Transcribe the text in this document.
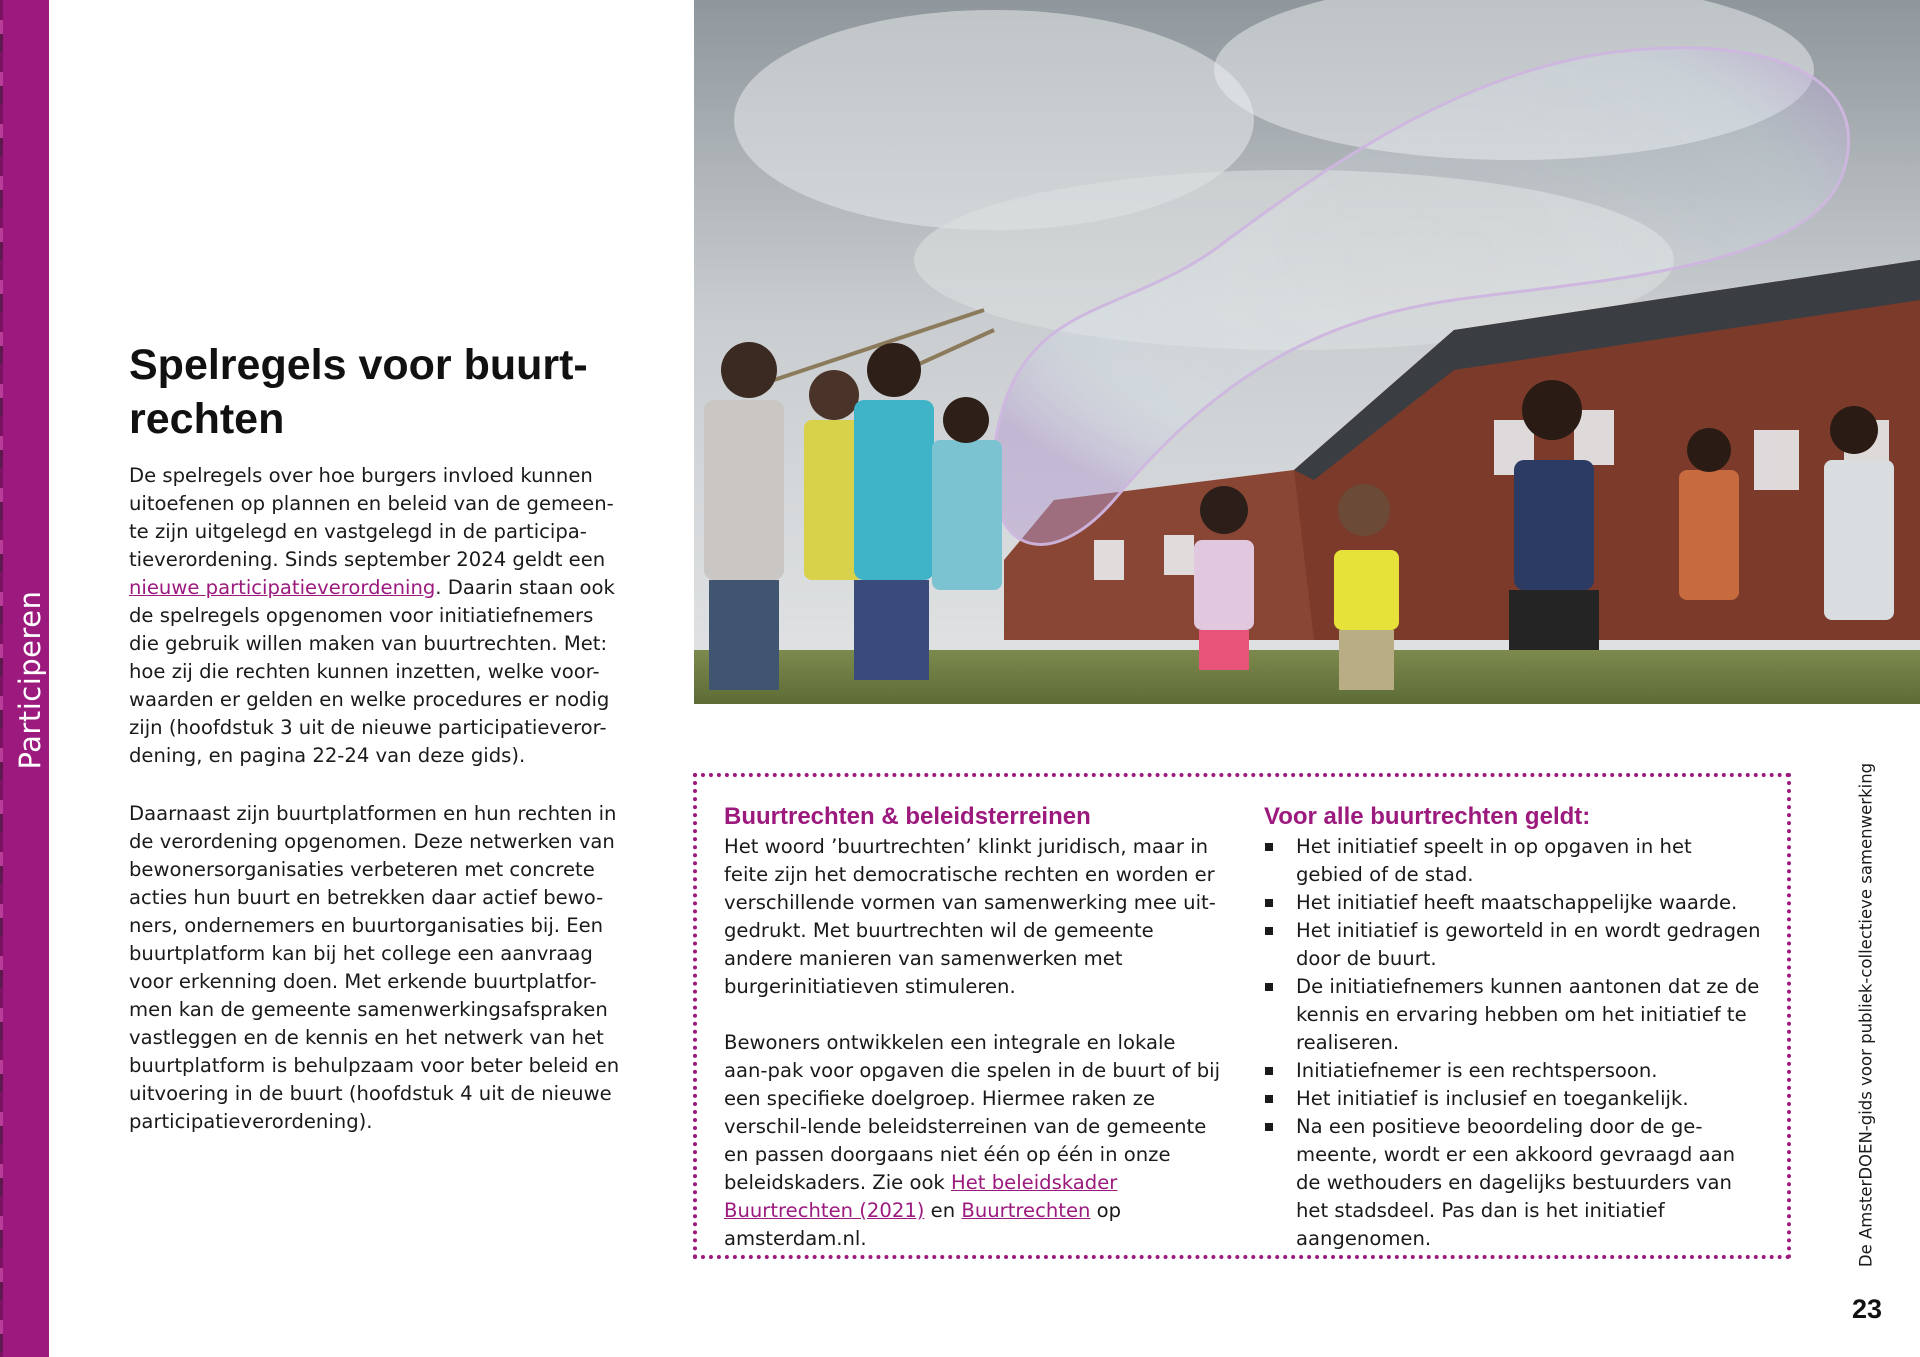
Participeren
Spelregels voor buurt-
rechten
De spelregels over hoe burgers invloed kunnen uitoefenen op plannen en beleid van de gemeen-te zijn uitgelegd en vastgelegd in de participa-tieverordening. Sinds september 2024 geldt een nieuwe participatieverordening. Daarin staan ook de spelregels opgenomen voor initiatiefnemers die gebruik willen maken van buurtrechten. Met: hoe zij die rechten kunnen inzetten, welke voor-waarden er gelden en welke procedures er nodig zijn (hoofdstuk 3 uit de nieuwe participatieveror-dening, en pagina 22-24 van deze gids).
Daarnaast zijn buurtplatformen en hun rechten in de verordening opgenomen. Deze netwerken van bewonersorganisaties verbeteren met concrete acties hun buurt en betrekken daar actief bewo-ners, ondernemers en buurtorganisaties bij. Een buurtplatform kan bij het college een aanvraag voor erkenning doen. Met erkende buurtplatfor-men kan de gemeente samenwerkingsafspraken vastleggen en de kennis en het netwerk van het buurtplatform is behulpzaam voor beter beleid en uitvoering in de buurt (hoofdstuk 4 uit de nieuwe participatieverordening).
Buurtrechten & beleidsterreinen

Het woord ’buurtrechten’ klinkt juridisch, maar in feite zijn het democratische rechten en worden er verschillende vormen van samenwerking mee uit-gedrukt. Met buurtrechten wil de gemeente andere manieren van samenwerken met burgerinitiatieven stimuleren.

Bewoners ontwikkelen een integrale en lokale aan-pak voor opgaven die spelen in de buurt of bij een specifieke doelgroep. Hiermee raken ze verschil-lende beleidsterreinen van de gemeente en passen doorgaans niet één op één in onze beleidskaders. Zie ook Het beleidskader Buurtrechten (2021) en Buurtrechten op amsterdam.nl.

Voor alle buurtrechten geldt:
Het initiatief speelt in op opgaven in het gebied of de stad.
Het initiatief heeft maatschappelijke waarde.
Het initiatief is geworteld in en wordt gedragen door de buurt.
De initiatiefnemers kunnen aantonen dat ze de kennis en ervaring hebben om het initiatief te realiseren.
Initiatiefnemer is een rechtspersoon.
Het initiatief is inclusief en toegankelijk.
Na een positieve beoordeling door de ge-meente, wordt er een akkoord gevraagd aan de wethouders en dagelijks bestuurders van het stadsdeel. Pas dan is het initiatief aangenomen.	De AmsterDOEN-gids voor publiek-collectieve samenwerking
23
